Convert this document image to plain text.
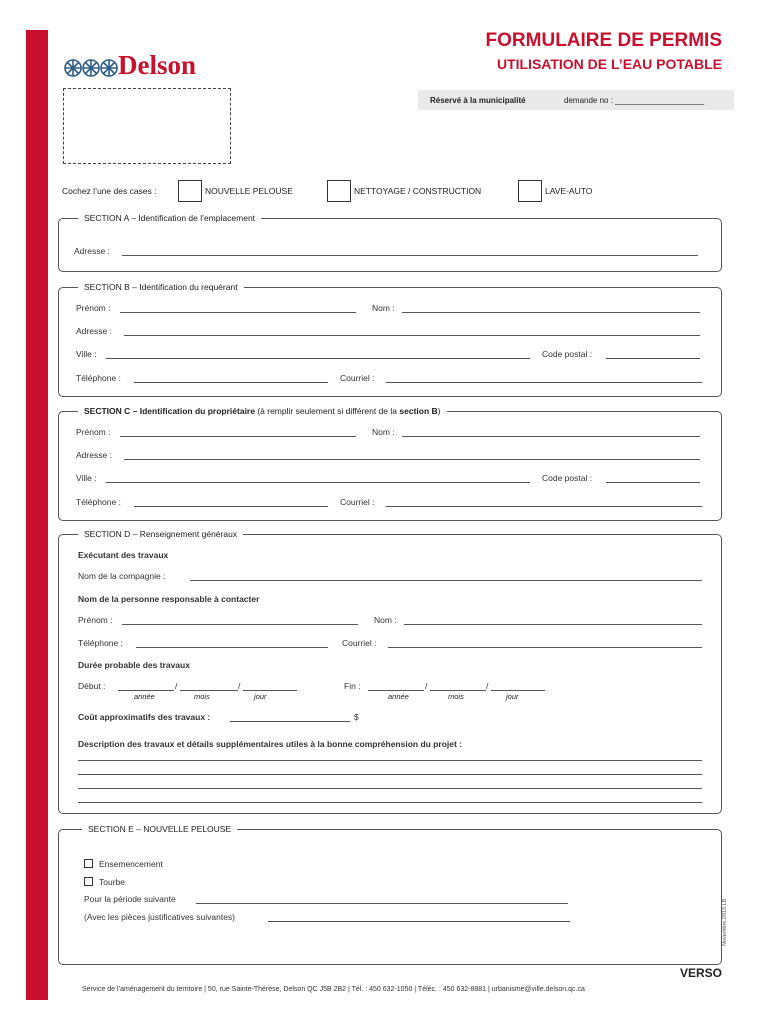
Delson
FORMULAIRE DE PERMIS
UTILISATION DE L’EAU POTABLE
Réservé à la municipalité	demande no : ____________________
Cochez l’une des cases :	NOUVELLE PELOUSE	NETTOYAGE / CONSTRUCTION	LAVE-AUTO
SECTION A – Identification de l’emplacement
Adresse :
SECTION B – Identification du requérant
Prénom :	Nom :
Adresse :
Ville :	Code postal :
Téléphone :	Courriel :
SECTION C – Identification du propriétaire (à remplir seulement si différent de la section B)
Prénom :	Nom :
Adresse :
Ville :	Code postal :
Téléphone :	Courriel :
SECTION D – Renseignement généraux
Exécutant des travaux
Nom de la compagnie :
Nom de la personne responsable à contacter
Prénom :	Nom :
Téléphone :	Courriel :
Durée probable des travaux
Début :	/	/
année	mois	jour
Fin :	/	/
année	mois	jour
Coût approximatifs des travaux :	$
Description des travaux et détails supplémentaires utiles à la bonne compréhension du projet :
SECTION E – NOUVELLE PELOUSE
Ensemencement
Tourbe
Pour la période suivante
(Avec les pièces justificatives suivantes)	Novembre 2015 LB
VERSO
Service de l’aménagement du territoire | 50, rue Sainte-Thérèse, Delson QC J5B 2B2 | Tél. : 450 632-1050 | Téléc. : 450 632-8881 | urbanisme@ville.delson.qc.ca
